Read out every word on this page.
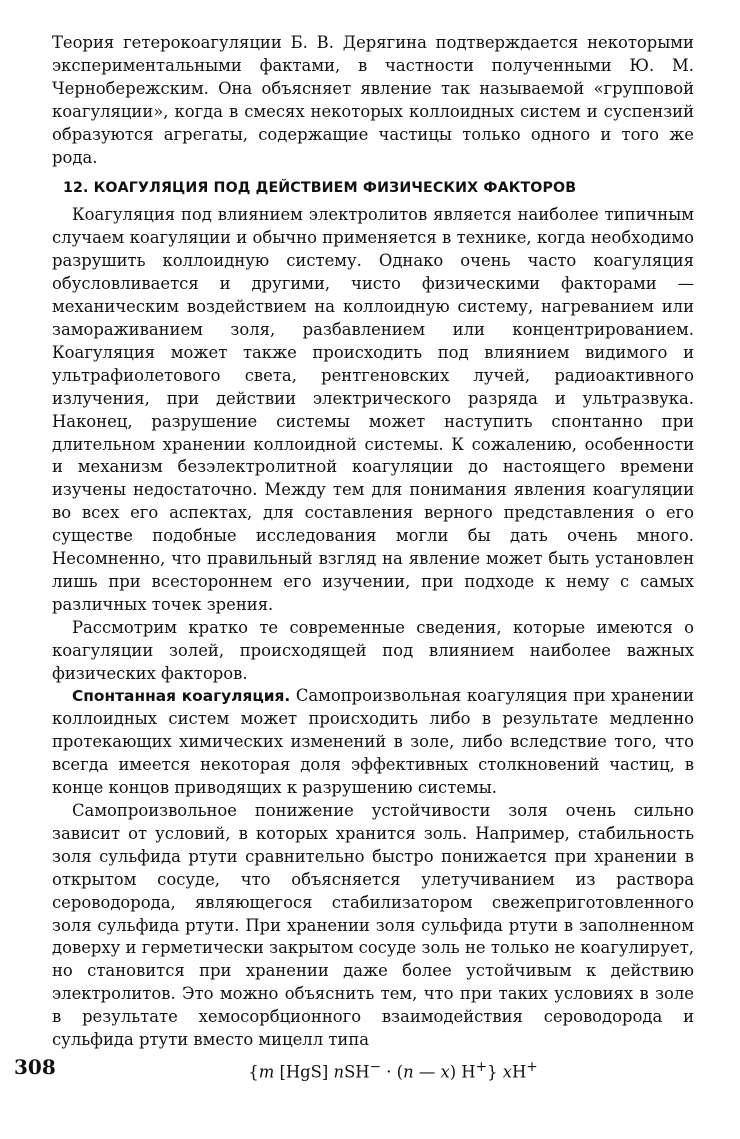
Теория гетерокоагуляции Б. В. Дерягина подтверждается некоторыми экспериментальными фактами, в частности полученными Ю. М. Чернобережским. Она объясняет явление так называемой «групповой коагуляции», когда в смесях некоторых коллоидных систем и суспензий образуются агрегаты, содержащие частицы только одного и того же рода.

12. КОАГУЛЯЦИЯ ПОД ДЕЙСТВИЕМ ФИЗИЧЕСКИХ ФАКТОРОВ

Коагуляция под влиянием электролитов является наиболее типичным случаем коагуляции и обычно применяется в технике, когда необходимо разрушить коллоидную систему. Однако очень часто коагуляция обусловливается и другими, чисто физическими факторами — механическим воздействием на коллоидную систему, нагреванием или замораживанием золя, разбавлением или концентрированием. Коагуляция может также происходить под влиянием видимого и ультрафиолетового света, рентгеновских лучей, радиоактивного излучения, при действии электрического разряда и ультразвука. Наконец, разрушение системы может наступить спонтанно при длительном хранении коллоидной системы. К сожалению, особенности и механизм безэлектролитной коагуляции до настоящего времени изучены недостаточно. Между тем для понимания явления коагуляции во всех его аспектах, для составления верного представления о его существе подобные исследования могли бы дать очень много. Несомненно, что правильный взгляд на явление может быть установлен лишь при всестороннем его изучении, при подходе к нему с самых различных точек зрения.

Рассмотрим кратко те современные сведения, которые имеются о коагуляции золей, происходящей под влиянием наиболее важных физических факторов.

Спонтанная коагуляция. Самопроизвольная коагуляция при хранении коллоидных систем может происходить либо в результате медленно протекающих химических изменений в золе, либо вследствие того, что всегда имеется некоторая доля эффективных столкновений частиц, в конце концов приводящих к разрушению системы.

Самопроизвольное понижение устойчивости золя очень сильно зависит от условий, в которых хранится золь. Например, стабильность золя сульфида ртути сравнительно быстро понижается при хранении в открытом сосуде, что объясняется улетучиванием из раствора сероводорода, являющегося стабилизатором свежеприготовленного золя сульфида ртути. При хранении золя сульфида ртути в заполненном доверху и герметически закрытом сосуде золь не только не коагулирует, но становится при хранении даже более устойчивым к действию электролитов. Это можно объяснить тем, что при таких условиях в золе в результате хемосорбционного взаимодействия сероводорода и сульфида ртути вместо мицелл типа

{m [HgS] nSH− · (n — x) H+} xH+
308
